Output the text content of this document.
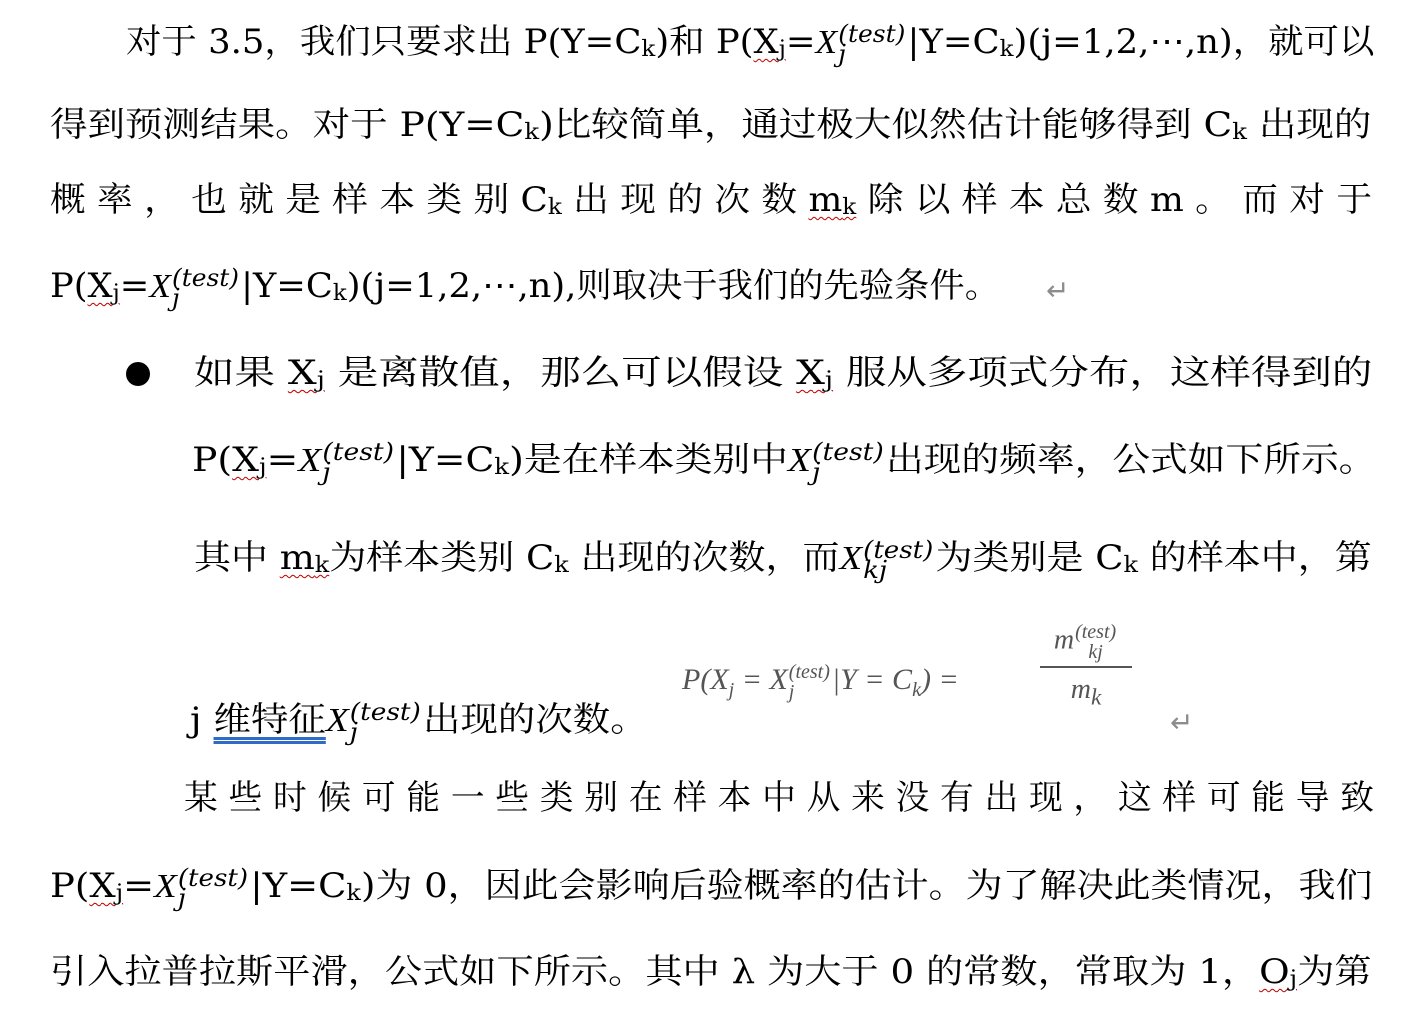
对于 3.5，我们只要求出 P(Y=Ck)和 P(Xj=X (test)
j	|Y=Ck)(j=1,2,⋯,n)，就可以
得到预测结果。对于 P(Y=Ck)比较简单，通过极大似然估计能够得到 Ck 出现的
概 率 ， 也 就 是 样 本 类 别 Ck 出 现 的 次 数 mk 除 以 样 本 总 数 m 。 而 对 于
P(Xj=X (test)
j	|Y=Ck)(j=1,2,⋯,n),则取决于我们的先验条件。 ↵
如果 Xj 是离散值，那么可以假设 Xj 服从多项式分布，这样得到的
P(Xj=X (test)
j	|Y=Ck)是在样本类别中X (test)
j	出现的频率，公式如下所示。
其中 mk为样本类别 Ck 出现的次数，而X (test)
kj	为类别是 Ck 的样本中，第
j 维特征X (test)
j	出现的次数。
$P(X_j = X$ (test)
j	$|Y = C_k$) =
m (test)
kj
$m_k$
↵
某 些 时 候 可 能 一 些 类 别 在 样 本 中 从 来 没 有 出 现 ， 这 样 可 能 导 致
P(Xj=X (test)
j	|Y=Ck)为 0，因此会影响后验概率的估计。为了解决此类情况，我们
引入拉普拉斯平滑，公式如下所示。其中 λ 为大于 0 的常数，常取为 1，Oj为第
